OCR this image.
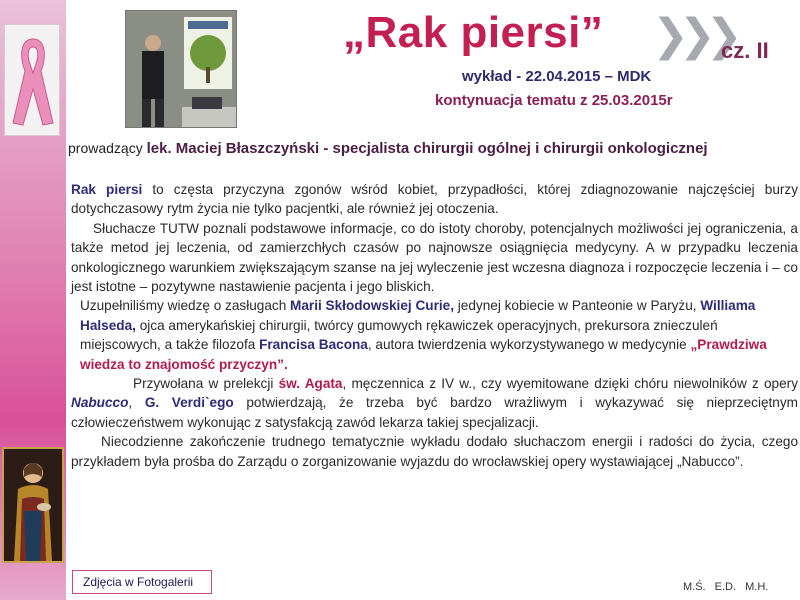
„Rak piersi” ❯❯❯
cz. II
wykład - 22.04.2015 – MDK
kontynuacja tematu z 25.03.2015r
prowadzący lek. Maciej Błaszczyński - specjalista chirurgii ogólnej i chirurgii onkologicznej

Rak piersi to częsta przyczyna zgonów wśród kobiet, przypadłości, której zdiagnozowanie najczęściej burzy dotychczasowy rytm życia nie tylko pacjentki, ale również jej otoczenia.

Słuchacze TUTW poznali podstawowe informacje, co do istoty choroby, potencjalnych możliwości jej ograniczenia, a także metod jej leczenia, od zamierzchłych czasów po najnowsze osiągnięcia medycyny. A w przypadku leczenia onkologicznego warunkiem zwiększającym szanse na jej wyleczenie jest wczesna diagnoza i rozpoczęcie leczenia i – co jest istotne – pozytywne nastawienie pacjenta i jego bliskich.

Uzupełniliśmy wiedzę o zasługach Marii Skłodowskiej Curie, jedynej kobiecie w Panteonie w Paryżu, Williama Halseda, ojca amerykańskiej chirurgii, twórcy gumowych rękawiczek operacyjnych, prekursora znieczuleń miejscowych, a także filozofa Francisa Bacona, autora twierdzenia wykorzystywanego w medycynie „Prawdziwa wiedza to znajomość przyczyn”.

Przywołana w prelekcji św. Agata, męczennica z IV w., czy wyemitowane dzięki chóru niewolników z opery Nabucco, G. Verdi`ego potwierdzają, że trzeba być bardzo wrażliwym i wykazywać się nieprzeciętnym człowieczeństwem wykonując z satysfakcją zawód lekarza takiej specjalizacji.

Niecodzienne zakończenie trudnego tematycznie wykładu dodało słuchaczom energii i radości do życia, czego przykładem była prośba do Zarządu o zorganizowanie wyjazdu do wrocławskiej opery wystawiającej „Nabucco”.

Zdjęcia w Fotogalerii	M.Ś. E.D. M.H.
